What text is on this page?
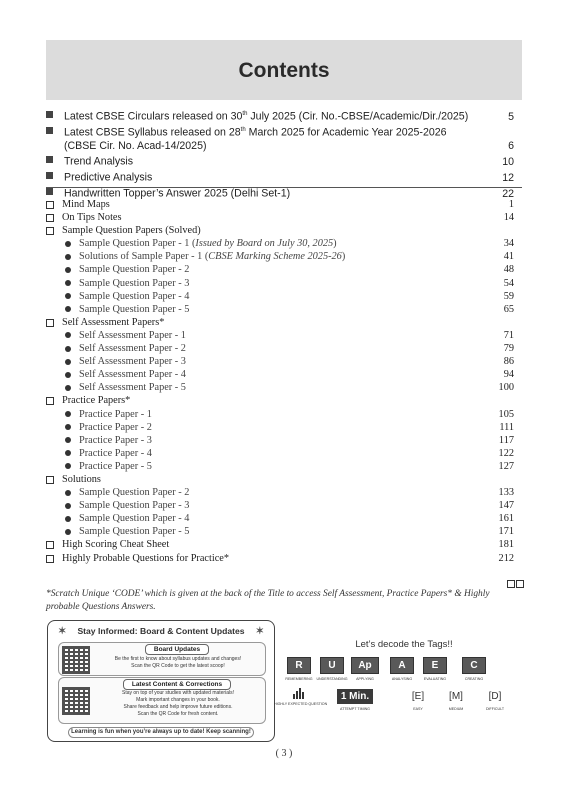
Contents
Latest CBSE Circulars released on 30th July 2025 (Cir. No.-CBSE/Academic/Dir./2025)	5
Latest CBSE Syllabus released on 28th March 2025 for Academic Year 2025-2026 (CBSE Cir. No. Acad-14/2025)	6
Trend Analysis	10
Predictive Analysis	12
Handwritten Topper’s Answer 2025 (Delhi Set-1)	22
Mind Maps	1
On Tips Notes	14
Sample Question Papers (Solved)
Sample Question Paper - 1 (Issued by Board on July 30, 2025)	34
Solutions of Sample Paper - 1 (CBSE Marking Scheme 2025-26)	41
Sample Question Paper - 2	48
Sample Question Paper - 3	54
Sample Question Paper - 4	59
Sample Question Paper - 5	65
Self Assessment Papers*
Self Assessment Paper - 1	71
Self Assessment Paper - 2	79
Self Assessment Paper - 3	86
Self Assessment Paper - 4	94
Self Assessment Paper - 5	100
Practice Papers*
Practice Paper - 1	105
Practice Paper - 2	111
Practice Paper - 3	117
Practice Paper - 4	122
Practice Paper - 5	127
Solutions
Sample Question Paper - 2	133
Sample Question Paper - 3	147
Sample Question Paper - 4	161
Sample Question Paper - 5	171
High Scoring Cheat Sheet	181
Highly Probable Questions for Practice*	212
*Scratch Unique ‘CODE’ which is given at the back of the Title to access Self Assessment, Practice Papers* & Highly probable Questions Answers.
✶ Stay Informed: Board & Content Updates ✶
Board Updates
Be the first to know about syllabus updates and changes!
Scan the QR Code to get the latest scoop!
Latest Content & Corrections
Stay on top of your studies with updated materials!
Mark important changes in your book.
Share feedback and help improve future editions.
Scan the QR Code for fresh content.
Learning is fun when you’re always up to date! Keep scanning!
Let’s decode the Tags!!
R
REMEMBERING
U
UNDERSTANDING
Ap
APPLYING
A
ANALYSING
E
EVALUATING
C
CREATING
HIGHLY EXPECTED QUESTION
1 Min.
ATTEMPT TIMING
[E]
EASY
[M]
MEDIUM
[D]
DIFFICULT
( 3 )
